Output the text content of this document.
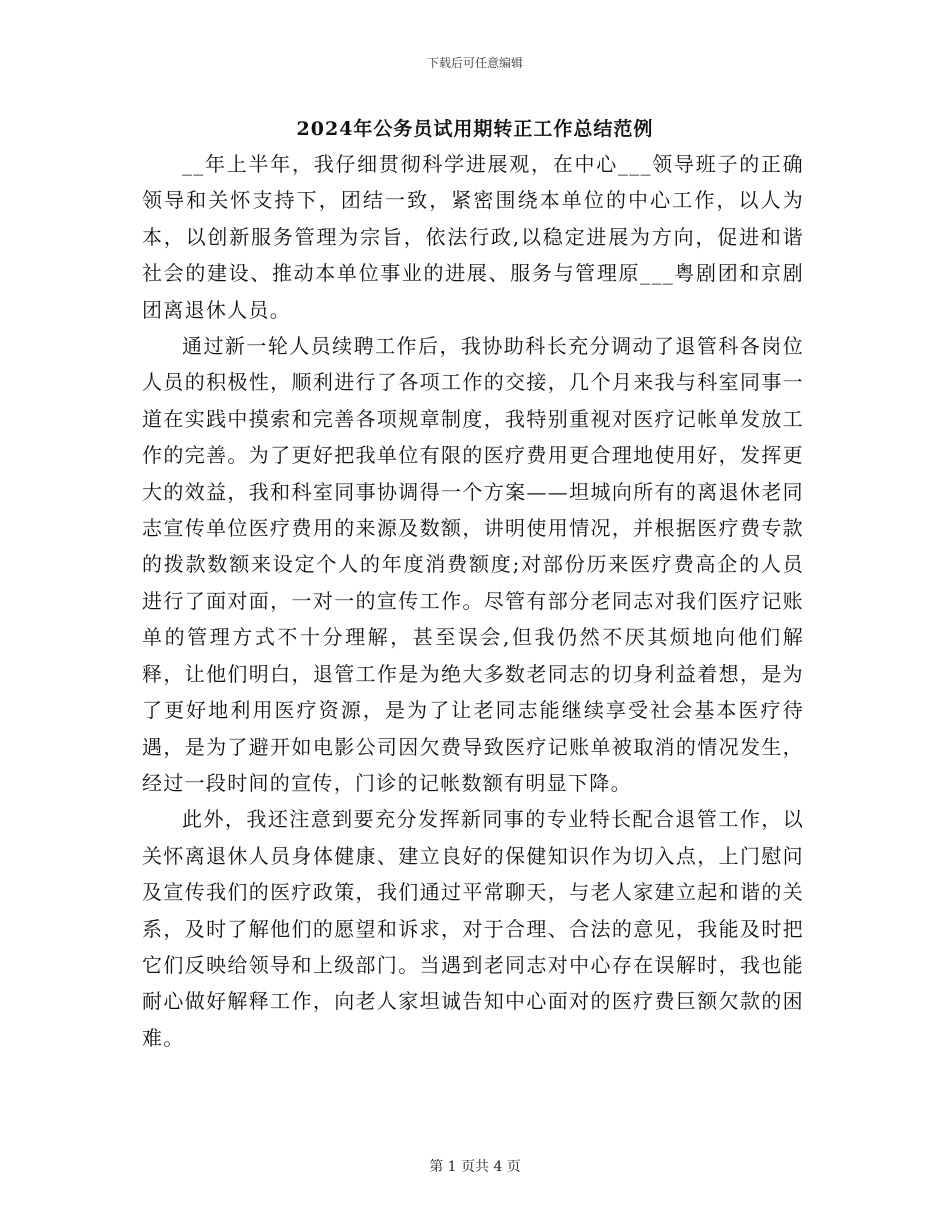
下载后可任意编辑
2024年公务员试用期转正工作总结范例

__年上半年，我仔细贯彻科学进展观，在中心___领导班子的正确领导和关怀支持下，团结一致，紧密围绕本单位的中心工作，以人为本，以创新服务管理为宗旨，依法行政,以稳定进展为方向，促进和谐社会的建设、推动本单位事业的进展、服务与管理原___粤剧团和京剧团离退休人员。

通过新一轮人员续聘工作后，我协助科长充分调动了退管科各岗位人员的积极性，顺利进行了各项工作的交接，几个月来我与科室同事一道在实践中摸索和完善各项规章制度，我特别重视对医疗记帐单发放工作的完善。为了更好把我单位有限的医疗费用更合理地使用好，发挥更大的效益，我和科室同事协调得一个方案——坦城向所有的离退休老同志宣传单位医疗费用的来源及数额，讲明使用情况，并根据医疗费专款的拨款数额来设定个人的年度消费额度;对部份历来医疗费高企的人员进行了面对面，一对一的宣传工作。尽管有部分老同志对我们医疗记账单的管理方式不十分理解，甚至误会,但我仍然不厌其烦地向他们解释，让他们明白，退管工作是为绝大多数老同志的切身利益着想，是为了更好地利用医疗资源，是为了让老同志能继续享受社会基本医疗待遇，是为了避开如电影公司因欠费导致医疗记账单被取消的情况发生，经过一段时间的宣传，门诊的记帐数额有明显下降。

此外，我还注意到要充分发挥新同事的专业特长配合退管工作，以关怀离退休人员身体健康、建立良好的保健知识作为切入点，上门慰问及宣传我们的医疗政策，我们通过平常聊天，与老人家建立起和谐的关系，及时了解他们的愿望和诉求，对于合理、合法的意见，我能及时把它们反映给领导和上级部门。当遇到老同志对中心存在误解时，我也能耐心做好解释工作，向老人家坦诚告知中心面对的医疗费巨额欠款的困难。

第 1 页共 4 页
